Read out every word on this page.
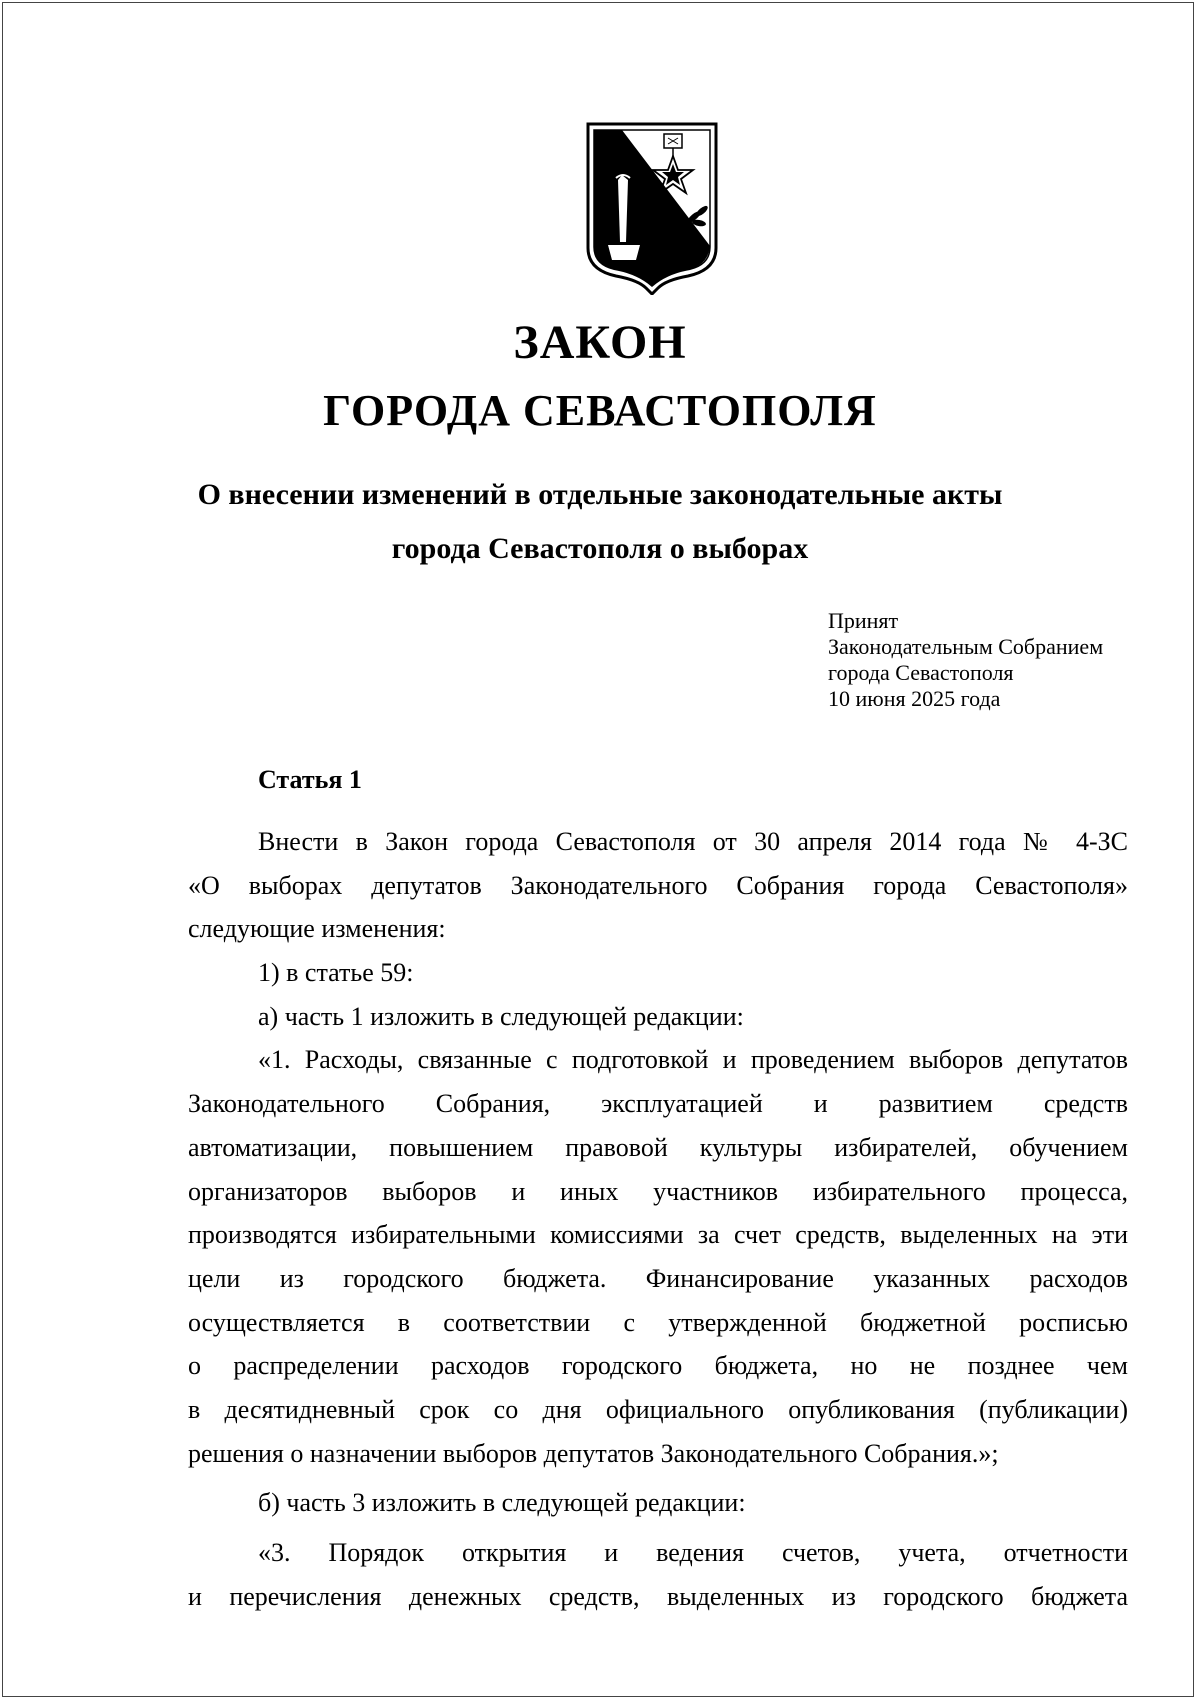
ЗАКОН
ГОРОДА СЕВАСТОПОЛЯ
О внесении изменений в отдельные законодательные акты
города Севастополя о выборах
Принят
Законодательным Собранием
города Севастополя
10 июня 2025 года
Статья 1
Внести в Закон города Севастополя от 30 апреля 2014 года № 4-ЗС
«О выборах депутатов Законодательного Собрания города Севастополя»
следующие изменения:
1) в статье 59:
а) часть 1 изложить в следующей редакции:
«1. Расходы, связанные с подготовкой и проведением выборов депутатов
Законодательного Собрания, эксплуатацией и развитием средств
автоматизации, повышением правовой культуры избирателей, обучением
организаторов выборов и иных участников избирательного процесса,
производятся избирательными комиссиями за счет средств, выделенных на эти
цели из городского бюджета. Финансирование указанных расходов
осуществляется в соответствии с утвержденной бюджетной росписью
о распределении расходов городского бюджета, но не позднее чем
в десятидневный срок со дня официального опубликования (публикации)
решения о назначении выборов депутатов Законодательного Собрания.»;
б) часть 3 изложить в следующей редакции:
«3. Порядок открытия и ведения счетов, учета, отчетности
и перечисления денежных средств, выделенных из городского бюджета
